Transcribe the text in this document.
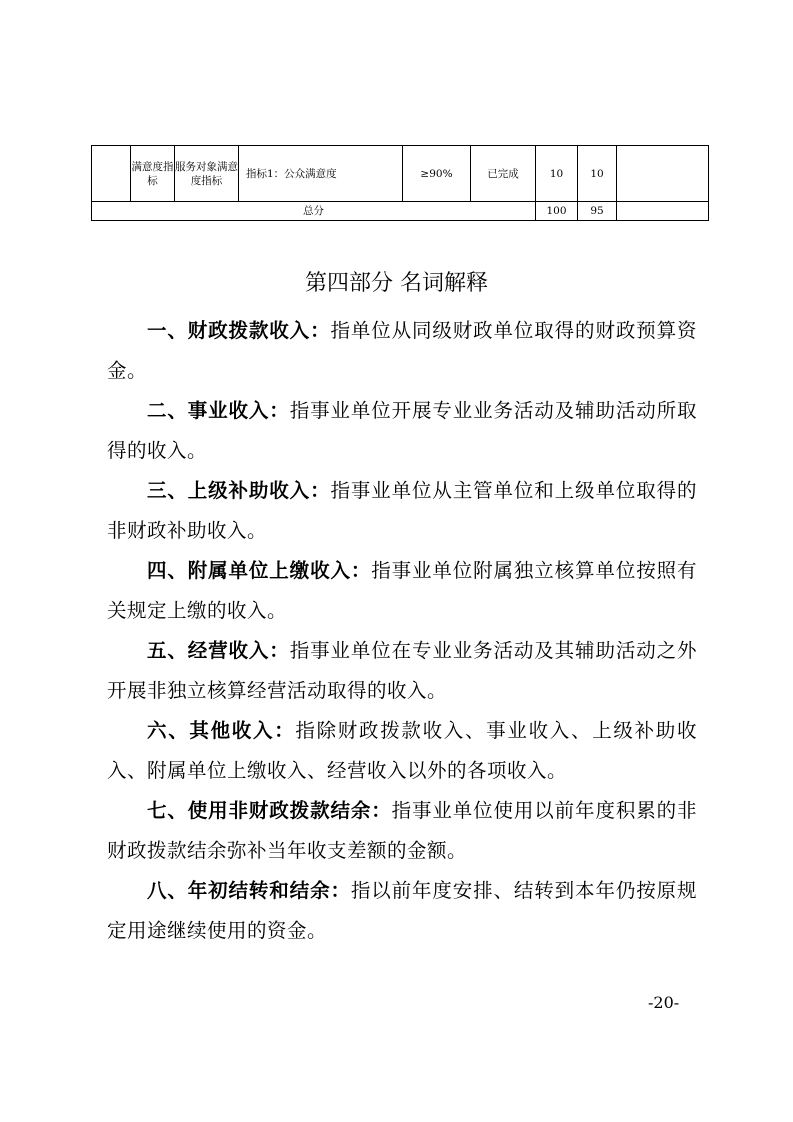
	满意度指标	服务对象满意度指标	指标1：公众满意度	≥90%	已完成	10	10	
总分						100	95	
第四部分 名词解释

一、财政拨款收入：指单位从同级财政单位取得的财政预算资金。

二、事业收入：指事业单位开展专业业务活动及辅助活动所取得的收入。

三、上级补助收入：指事业单位从主管单位和上级单位取得的非财政补助收入。

四、附属单位上缴收入：指事业单位附属独立核算单位按照有关规定上缴的收入。

五、经营收入：指事业单位在专业业务活动及其辅助活动之外开展非独立核算经营活动取得的收入。

六、其他收入：指除财政拨款收入、事业收入、上级补助收入、附属单位上缴收入、经营收入以外的各项收入。

七、使用非财政拨款结余：指事业单位使用以前年度积累的非财政拨款结余弥补当年收支差额的金额。

八、年初结转和结余：指以前年度安排、结转到本年仍按原规定用途继续使用的资金。

-20-
